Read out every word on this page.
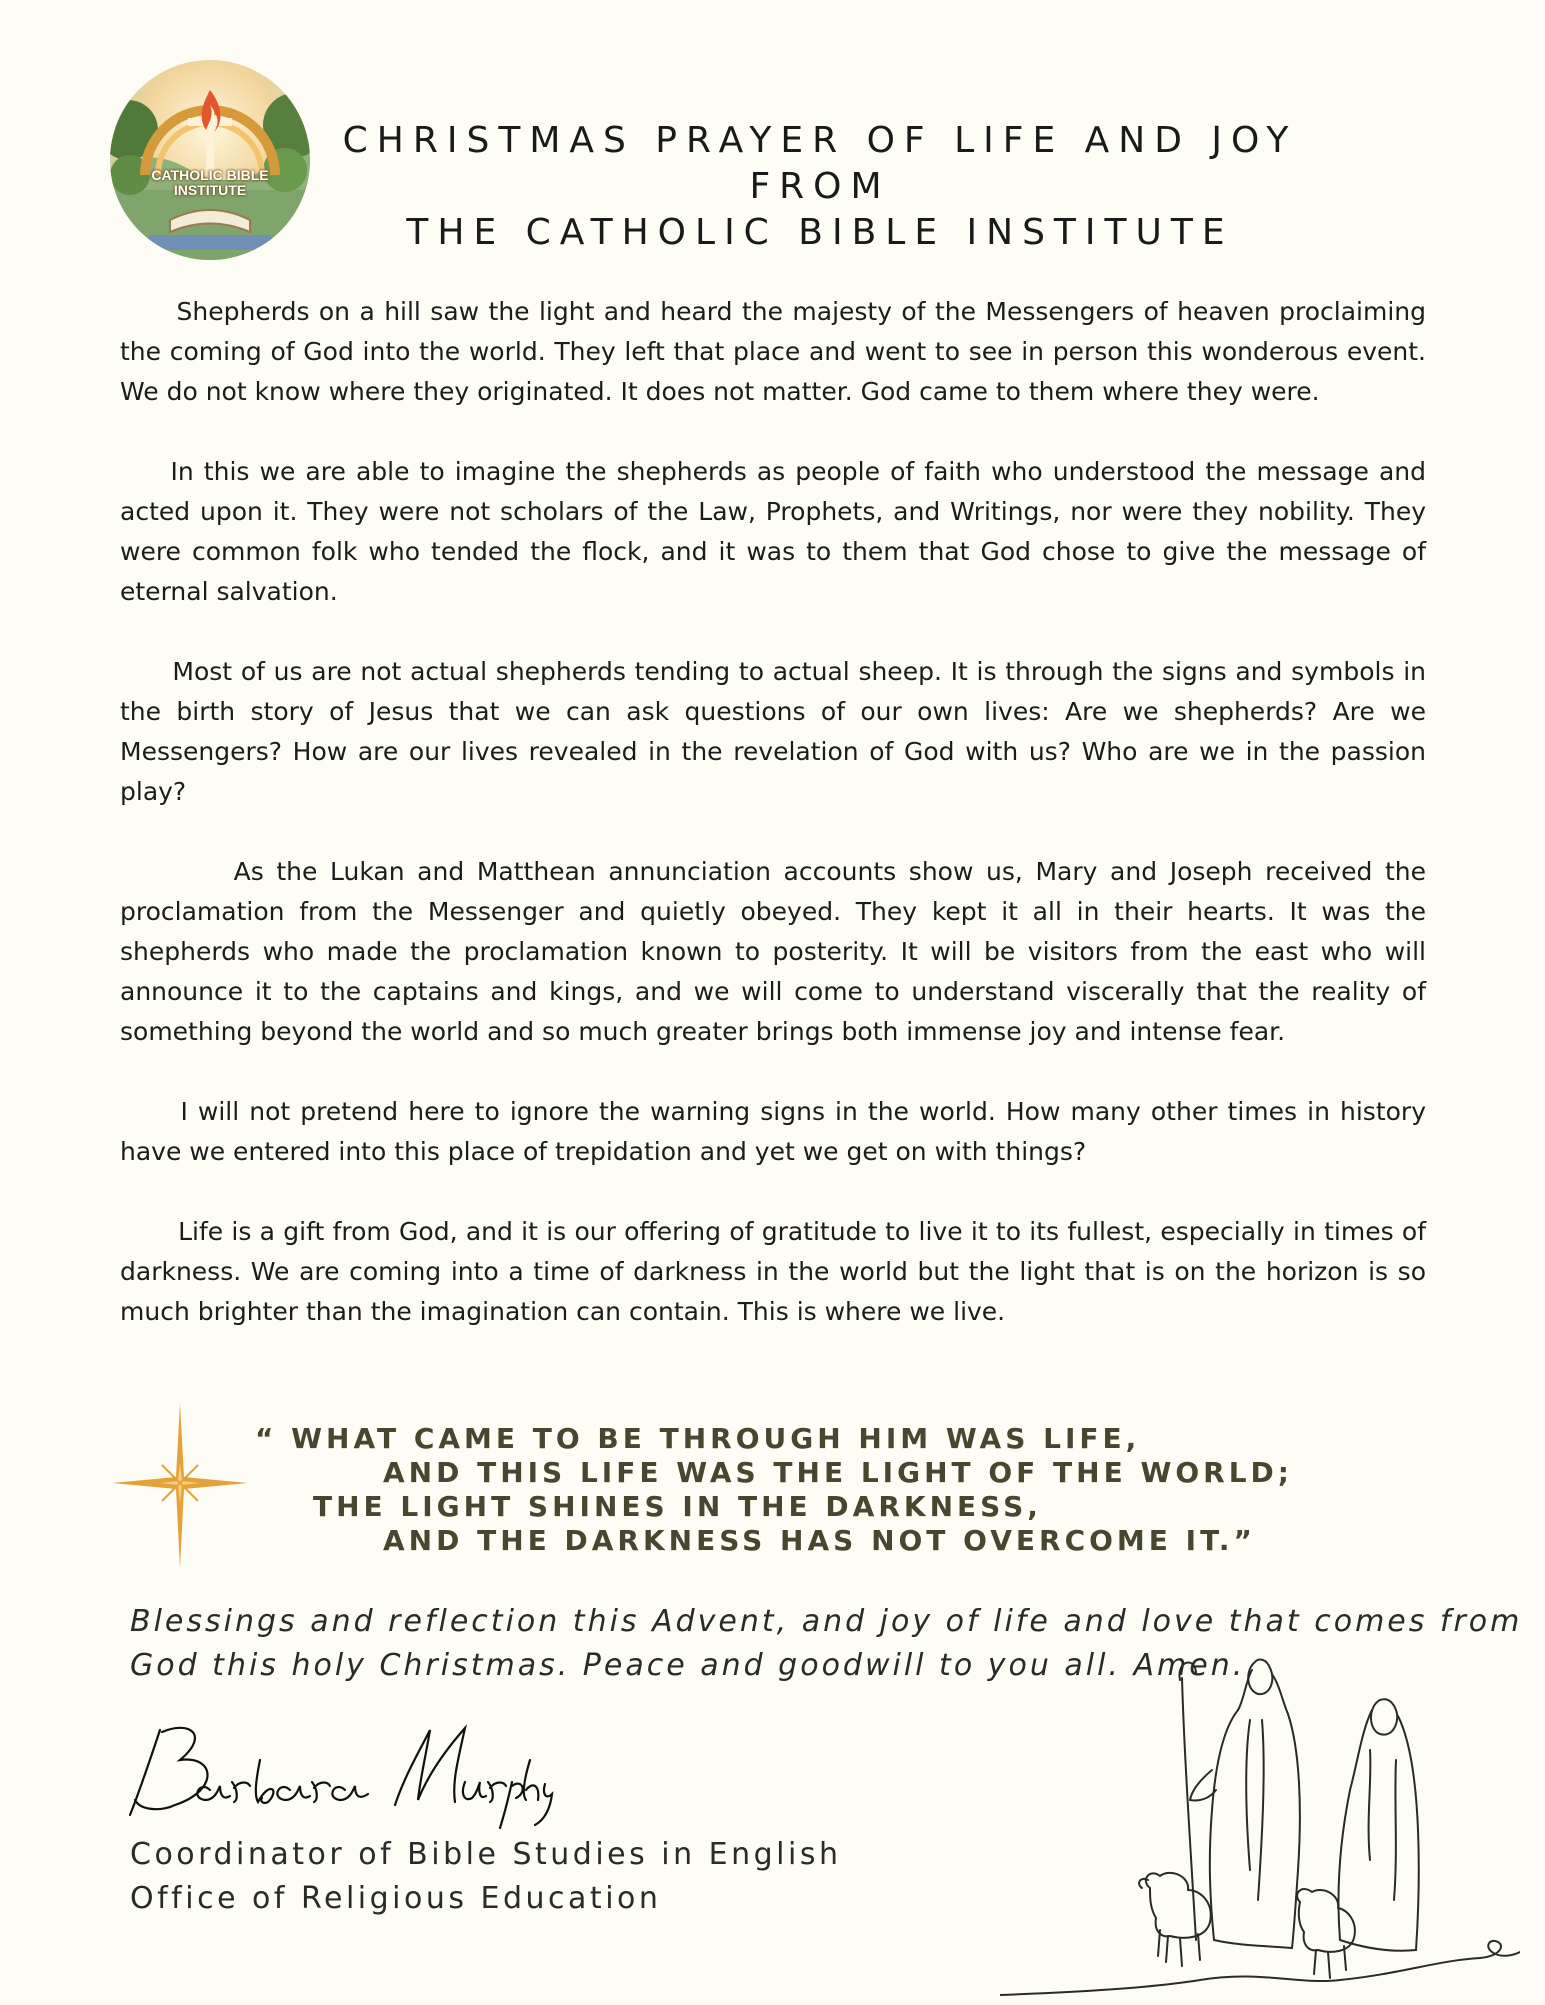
CATHOLIC BIBLE
INSTITUTE
CHRISTMAS PRAYER OF LIFE AND JOY
FROM
THE CATHOLIC BIBLE INSTITUTE

Shepherds on a hill saw the light and heard the majesty of the Messengers of heaven proclaiming the coming of God into the world. They left that place and went to see in person this wonderous event. We do not know where they originated. It does not matter. God came to them where they were.

In this we are able to imagine the shepherds as people of faith who understood the message and acted upon it. They were not scholars of the Law, Prophets, and Writings, nor were they nobility. They were common folk who tended the flock, and it was to them that God chose to give the message of eternal salvation.

Most of us are not actual shepherds tending to actual sheep. It is through the signs and symbols in the birth story of Jesus that we can ask questions of our own lives: Are we shepherds? Are we Messengers? How are our lives revealed in the revelation of God with us? Who are we in the passion play?

As the Lukan and Matthean annunciation accounts show us, Mary and Joseph received the proclamation from the Messenger and quietly obeyed. They kept it all in their hearts. It was the shepherds who made the proclamation known to posterity. It will be visitors from the east who will announce it to the captains and kings, and we will come to understand viscerally that the reality of something beyond the world and so much greater brings both immense joy and intense fear.

I will not pretend here to ignore the warning signs in the world. How many other times in history have we entered into this place of trepidation and yet we get on with things?

Life is a gift from God, and it is our offering of gratitude to live it to its fullest, especially in times of darkness. We are coming into a time of darkness in the world but the light that is on the horizon is so much brighter than the imagination can contain. This is where we live.

“ WHAT CAME TO BE THROUGH HIM WAS LIFE,
AND THIS LIFE WAS THE LIGHT OF THE WORLD;
THE LIGHT SHINES IN THE DARKNESS,
AND THE DARKNESS HAS NOT OVERCOME IT.”
Blessings and reflection this Advent, and joy of life and love that comes from
God this holy Christmas. Peace and goodwill to you all. Amen.
Coordinator of Bible Studies in English
Office of Religious Education
